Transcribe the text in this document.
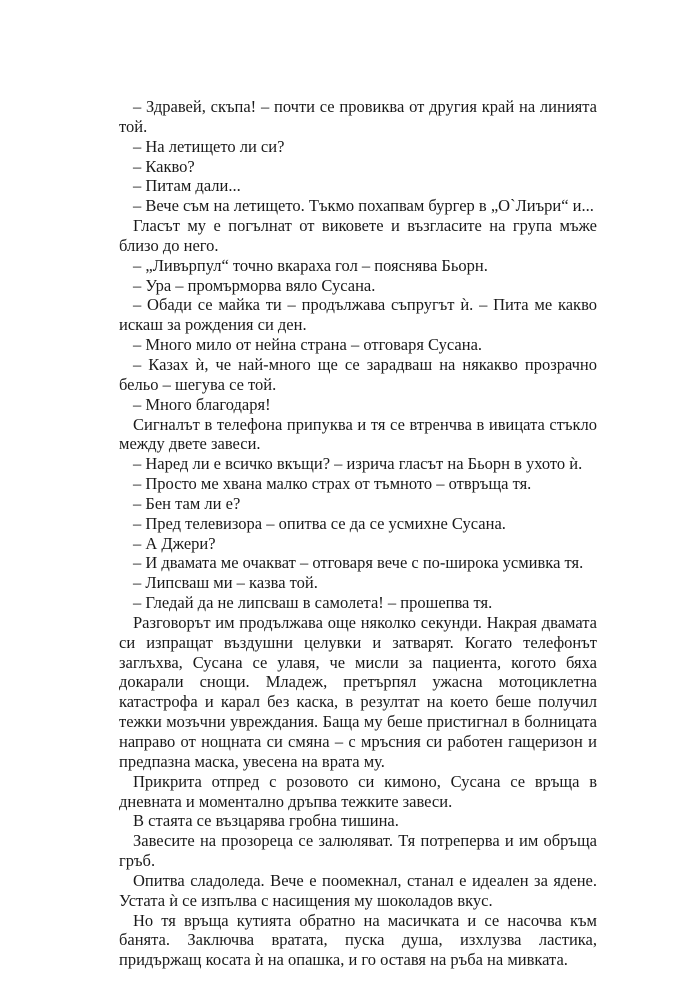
– Здравей, скъпа! – почти се провиква от другия край на линията той.

– На летището ли си?

– Какво?

– Питам дали...

– Вече съм на летището. Тъкмо похапвам бургер в „О`Лиъри“ и...

Гласът му е погълнат от виковете и възгласите на група мъже близо до него.

– „Ливърпул“ точно вкараха гол – пояснява Бьорн.

– Ура – промърморва вяло Сусана.

– Обади се майка ти – продължава съпругът ѝ. – Пита ме какво искаш за рождения си ден.

– Много мило от нейна страна – отговаря Сусана.

– Казах ѝ, че най-много ще се зарадваш на някакво прозрачно бельо – шегува се той.

– Много благодаря!

Сигналът в телефона припуква и тя се втренчва в ивицата стъкло между двете завеси.

– Наред ли е всичко вкъщи? – изрича гласът на Бьорн в ухото ѝ.

– Просто ме хвана малко страх от тъмното – отвръща тя.

– Бен там ли е?

– Пред телевизора – опитва се да се усмихне Сусана.

– А Джери?

– И двамата ме очакват – отговаря вече с по-широка усмивка тя.

– Липсваш ми – казва той.

– Гледай да не липсваш в самолета! – прошепва тя.

Разговорът им продължава още няколко секунди. Накрая двамата си изпращат въздушни целувки и затварят. Когато телефонът заглъхва, Сусана се улавя, че мисли за пациента, когото бяха докарали снощи. Младеж, претърпял ужасна мотоциклетна катастрофа и карал без каска, в резултат на което беше получил тежки мозъчни увреждания. Баща му беше пристигнал в болницата направо от нощната си смяна – с мръсния си работен гащеризон и предпазна маска, увесена на врата му.

Прикрита отпред с розовото си кимоно, Сусана се връща в дневната и моментално дръпва тежките завеси.

В стаята се възцарява гробна тишина.

Завесите на прозореца се залюляват. Тя потреперва и им обръща гръб.

Опитва сладоледа. Вече е поомекнал, станал е идеален за ядене. Устата ѝ се изпълва с насищения му шоколадов вкус.

Но тя връща кутията обратно на масичката и се насочва към банята. Заключва вратата, пуска душа, изхлузва ластика, придържащ косата ѝ на опашка, и го оставя на ръба на мивката.
